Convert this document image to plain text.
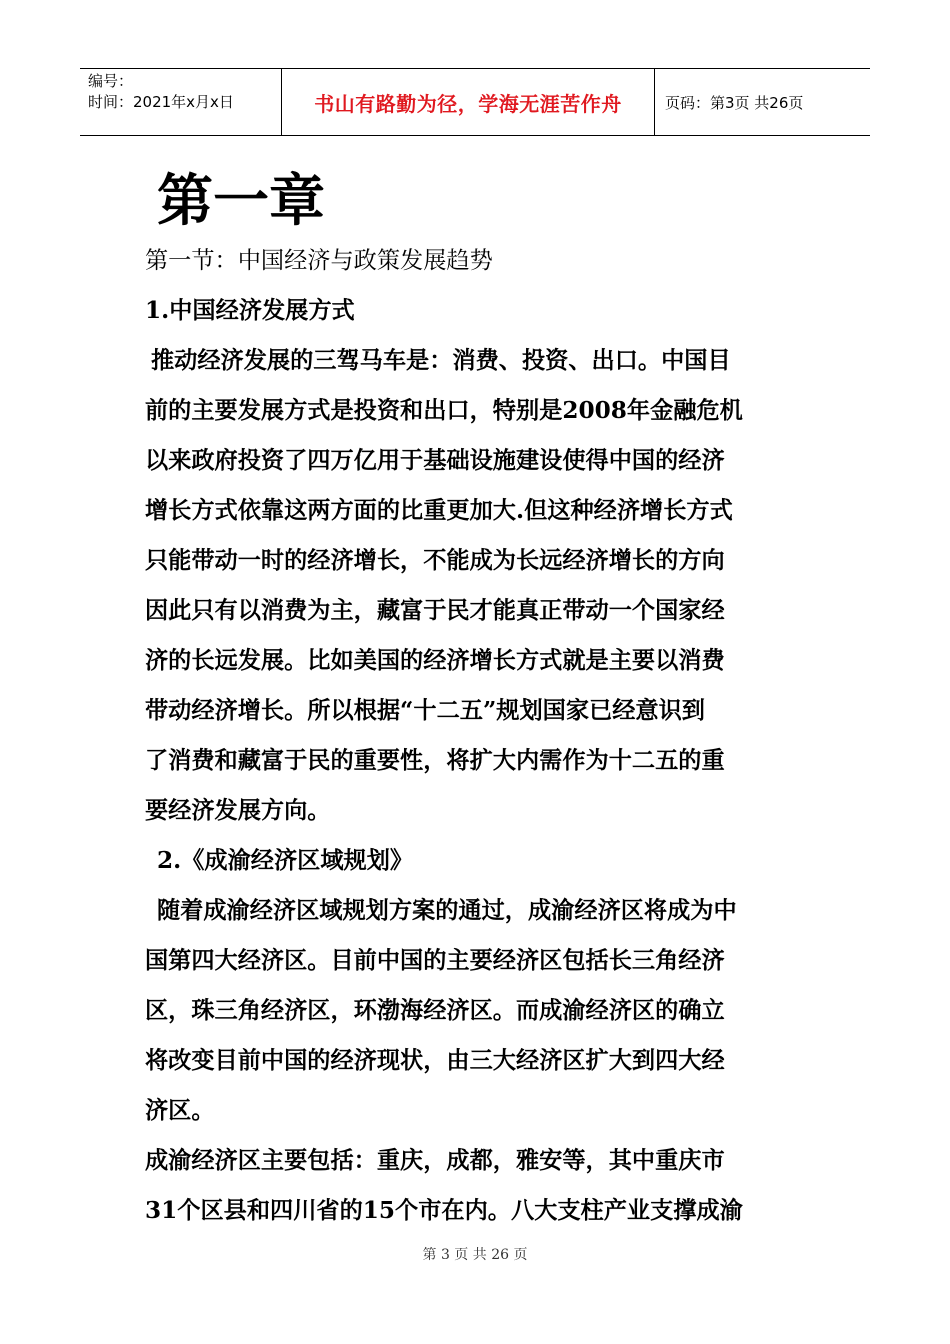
编号：
时间：2021年x月x日	书山有路勤为径，学海无涯苦作舟	页码：第3页 共26页
第一章

第一节：中国经济与政策发展趋势

1.中国经济发展方式

推动经济发展的三驾马车是：消费、投资、出口。中国目

前的主要发展方式是投资和出口，特别是2008年金融危机

以来政府投资了四万亿用于基础设施建设使得中国的经济

增长方式依靠这两方面的比重更加大.但这种经济增长方式

只能带动一时的经济增长，不能成为长远经济增长的方向

因此只有以消费为主，藏富于民才能真正带动一个国家经

济的长远发展。比如美国的经济增长方式就是主要以消费

带动经济增长。所以根据“十二五”规划国家已经意识到

了消费和藏富于民的重要性，将扩大内需作为十二五的重

要经济发展方向。

2.《成渝经济区域规划》

随着成渝经济区域规划方案的通过，成渝经济区将成为中

国第四大经济区。目前中国的主要经济区包括长三角经济

区，珠三角经济区，环渤海经济区。而成渝经济区的确立

将改变目前中国的经济现状，由三大经济区扩大到四大经

济区。

成渝经济区主要包括：重庆，成都，雅安等，其中重庆市

31个区县和四川省的15个市在内。八大支柱产业支撑成渝

第 3 页 共 26 页
